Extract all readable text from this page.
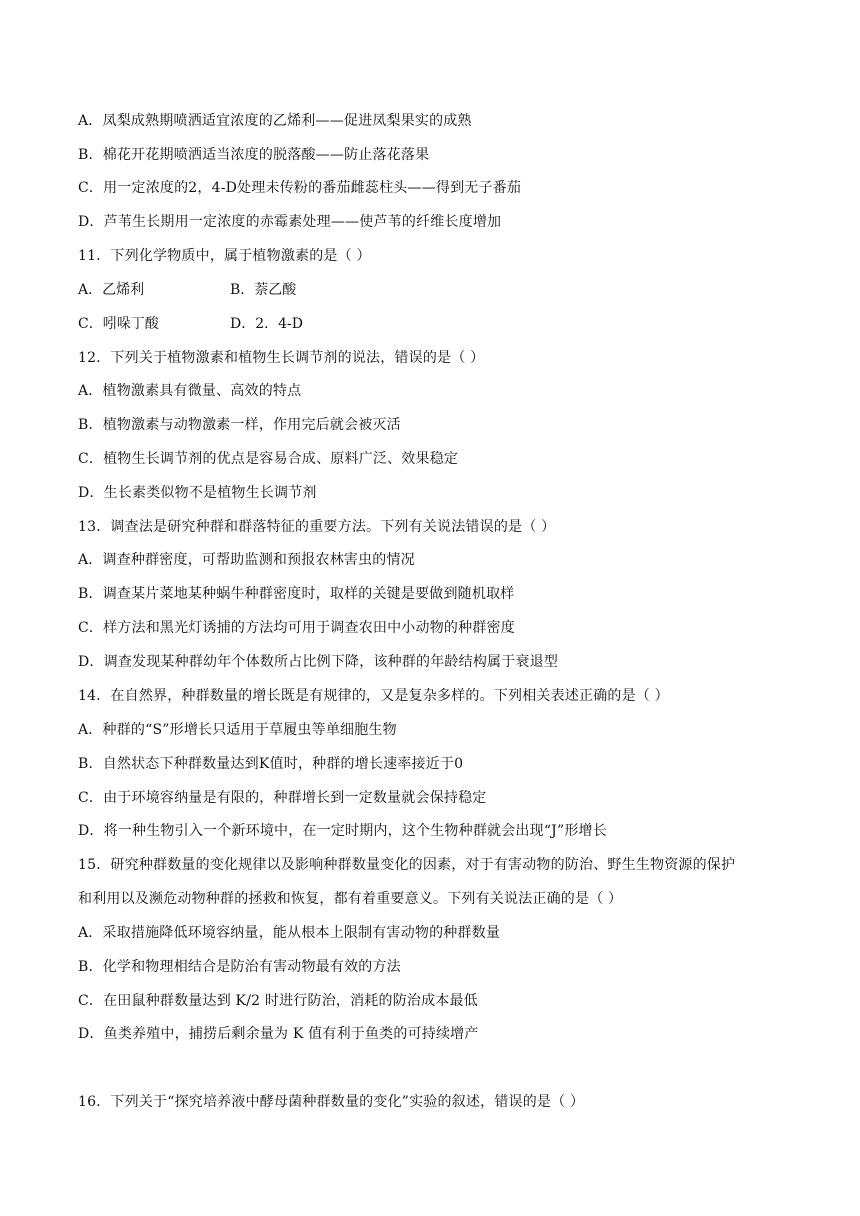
A．凤梨成熟期喷洒适宜浓度的乙烯利——促进凤梨果实的成熟
B．棉花开花期喷洒适当浓度的脱落酸——防止落花落果
C．用一定浓度的2，4-D处理未传粉的番茄雌蕊柱头——得到无子番茄
D．芦苇生长期用一定浓度的赤霉素处理——使芦苇的纤维长度增加
11．下列化学物质中，属于植物激素的是（ ）
A．乙烯利	B．萘乙酸
C．吲哚丁酸	D．2．4-D
12．下列关于植物激素和植物生长调节剂的说法，错误的是（ ）
A．植物激素具有微量、高效的特点
B．植物激素与动物激素一样，作用完后就会被灭活
C．植物生长调节剂的优点是容易合成、原料广泛、效果稳定
D．生长素类似物不是植物生长调节剂
13．调查法是研究种群和群落特征的重要方法。下列有关说法错误的是（ ）
A．调查种群密度，可帮助监测和预报农林害虫的情况
B．调查某片菜地某种蜗牛种群密度时，取样的关键是要做到随机取样
C．样方法和黑光灯诱捕的方法均可用于调查农田中小动物的种群密度
D．调查发现某种群幼年个体数所占比例下降，该种群的年龄结构属于衰退型
14．在自然界，种群数量的增长既是有规律的，又是复杂多样的。下列相关表述正确的是（ ）
A．种群的“S”形增长只适用于草履虫等单细胞生物
B．自然状态下种群数量达到K值时，种群的增长速率接近于0
C．由于环境容纳量是有限的，种群增长到一定数量就会保持稳定
D．将一种生物引入一个新环境中，在一定时期内，这个生物种群就会出现“J”形增长
15．研究种群数量的变化规律以及影响种群数量变化的因素，对于有害动物的防治、野生生物资源的保护
和利用以及濒危动物种群的拯救和恢复，都有着重要意义。下列有关说法正确的是（ ）
A．采取措施降低环境容纳量，能从根本上限制有害动物的种群数量
B．化学和物理相结合是防治有害动物最有效的方法
C．在田鼠种群数量达到 K/2 时进行防治，消耗的防治成本最低
D．鱼类养殖中，捕捞后剩余量为 K 值有利于鱼类的可持续增产
16．下列关于“探究培养液中酵母菌种群数量的变化”实验的叙述，错误的是（ ）
